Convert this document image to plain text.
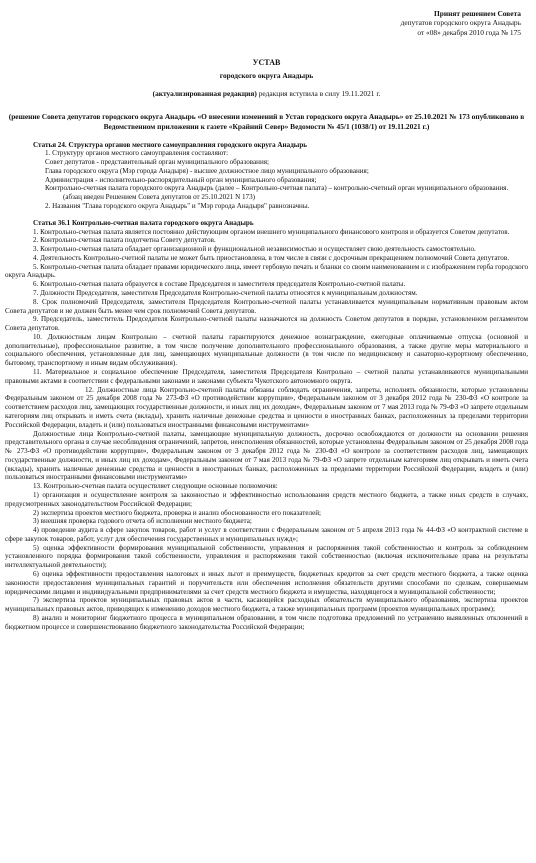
Принят решением Совета
депутатов городского округа Анадырь
от «08» декабря 2010 года № 175
УСТАВ
городского округа Анадырь
(актуализированная редакция) редакция вступила в силу 19.11.2021 г.
(решение Совета депутатов городского округа Анадырь «О внесении изменений в Устав городского округа Анадырь» от 25.10.2021 № 173 опубликовано в Ведомственном приложении к газете «Крайний Север» Ведомости № 45/1 (1038/1) от 19.11.2021 г.)
Статья 24. Структура органов местного самоуправления городского округа Анадырь

1. Структуру органов местного самоуправления составляют:

Совет депутатов - представительный орган муниципального образования;

Глава городского округа (Мэр города Анадыря) - высшее должностное лицо муниципального образования;

Администрация - исполнительно-распорядительный орган муниципального образования;

Контрольно-счетная палата городского округа Анадырь (далее – Контрольно-счетная палата) – контрольно-счетный орган муниципального образования.

(абзац введен Решением Совета депутатов от 25.10.2021 N 173)

2. Названия "Глава городского округа Анадырь" и "Мэр города Анадыря" равнозначны.

Статья 36.1 Контрольно-счетная палата городского округа Анадырь

1. Контрольно-счетная палата является постоянно действующим органом внешнего муниципального финансового контроля и образуется Советом депутатов.

2. Контрольно-счетная палата подотчетна Совету депутатов.

3. Контрольно-счетная палата обладает организационной и функциональной независимостью и осуществляет свою деятельность самостоятельно.

4. Деятельность Контрольно-счетной палаты не может быть приостановлена, в том числе в связи с досрочным прекращением полномочий Совета депутатов.

5. Контрольно-счетная палата обладает правами юридического лица, имеет гербовую печать и бланки со своим наименованием и с изображением герба городского округа Анадырь.

6. Контрольно-счетная палата образуется в составе Председателя и заместителя председателя Контрольно-счетной палаты.

7. Должности Председателя, заместителя Председателя Контрольно-счетной палаты относятся к муниципальным должностям.

8. Срок полномочий Председателя, заместителя Председателя Контрольно-счетной палаты устанавливается муниципальным нормативным правовым актом Совета депутатов и не должен быть менее чем срок полномочий Совета депутатов.

9. Председатель, заместитель Председателя Контрольно-счетной палаты назначаются на должность Советом депутатов в порядке, установленном регламентом Совета депутатов.

10. Должностным лицам Контрольно – счетной палаты гарантируются денежное вознаграждение, ежегодные оплачиваемые отпуска (основной и дополнительные), профессиональное развитие, в том числе получение дополнительного профессионального образования, а также другие меры материального и социального обеспечения, установленные для лиц, замещающих муниципальные должности (в том числе по медицинскому и санаторно-курортному обеспечению, бытовому, транспортному и иным видам обслуживания).

11. Материальное и социальное обеспечение Председателя, заместителя Председателя Контрольно – счетной палаты устанавливаются муниципальными правовыми актами в соответствии с федеральными законами и законами субъекта Чукотского автономного округа.

12. Должностные лица Контрольно-счетной палаты обязаны соблюдать ограничения, запреты, исполнять обязанности, которые установлены Федеральным законом от 25 декабря 2008 года № 273-ФЗ «О противодействии коррупции», Федеральным законом от 3 декабря 2012 года № 230-ФЗ «О контроле за соответствием расходов лиц, замещающих государственные должности, и иных лиц их доходам», Федеральным законом от 7 мая 2013 года № 79-ФЗ «О запрете отдельным категориям лиц открывать и иметь счета (вклады), хранить наличные денежные средства и ценности в иностранных банках, расположенных за пределами территории Российской Федерации, владеть и (или) пользоваться иностранными финансовыми инструментами»

Должностные лица Контрольно-счетной палаты, замещающие муниципальную должность, досрочно освобождаются от должности на основании решения представительного органа в случае несоблюдения ограничений, запретов, неисполнения обязанностей, которые установлены Федеральным законом от 25 декабря 2008 года № 273-ФЗ «О противодействии коррупции», Федеральным законом от 3 декабря 2012 года № 230-ФЗ «О контроле за соответствием расходов лиц, замещающих государственные должности, и иных лиц их доходам», Федеральным законом от 7 мая 2013 года № 79-ФЗ «О запрете отдельным категориям лиц открывать и иметь счета (вклады), хранить наличные денежные средства и ценности в иностранных банках, расположенных за пределами территории Российской Федерации, владеть и (или) пользоваться иностранными финансовыми инструментами»

13. Контрольно-счетная палата осуществляет следующие основные полномочия:

1) организация и осуществление контроля за законностью и эффективностью использования средств местного бюджета, а также иных средств в случаях, предусмотренных законодательством Российской Федерации;

2) экспертиза проектов местного бюджета, проверка и анализ обоснованности его показателей;

3) внешняя проверка годового отчета об исполнении местного бюджета;

4) проведение аудита в сфере закупок товаров, работ и услуг в соответствии с Федеральным законом от 5 апреля 2013 года № 44-ФЗ «О контрактной системе в сфере закупок товаров, работ, услуг для обеспечения государственных и муниципальных нужд»;

5) оценка эффективности формирования муниципальной собственности, управления и распоряжения такой собственностью и контроль за соблюдением установленного порядка формирования такой собственности, управления и распоряжения такой собственностью (включая исключительные права на результаты интеллектуальной деятельности);

6) оценка эффективности предоставления налоговых и иных льгот и преимуществ, бюджетных кредитов за счет средств местного бюджета, а также оценка законности предоставления муниципальных гарантий и поручительств или обеспечения исполнения обязательств другими способами по сделкам, совершаемым юридическими лицами и индивидуальными предпринимателями за счет средств местного бюджета и имущества, находящегося в муниципальной собственности;

7) экспертиза проектов муниципальных правовых актов в части, касающейся расходных обязательств муниципального образования, экспертиза проектов муниципальных правовых актов, приводящих к изменению доходов местного бюджета, а также муниципальных программ (проектов муниципальных программ);

8) анализ и мониторинг бюджетного процесса в муниципальном образовании, в том числе подготовка предложений по устранению выявленных отклонений в бюджетном процессе и совершенствованию бюджетного законодательства Российской Федерации;
